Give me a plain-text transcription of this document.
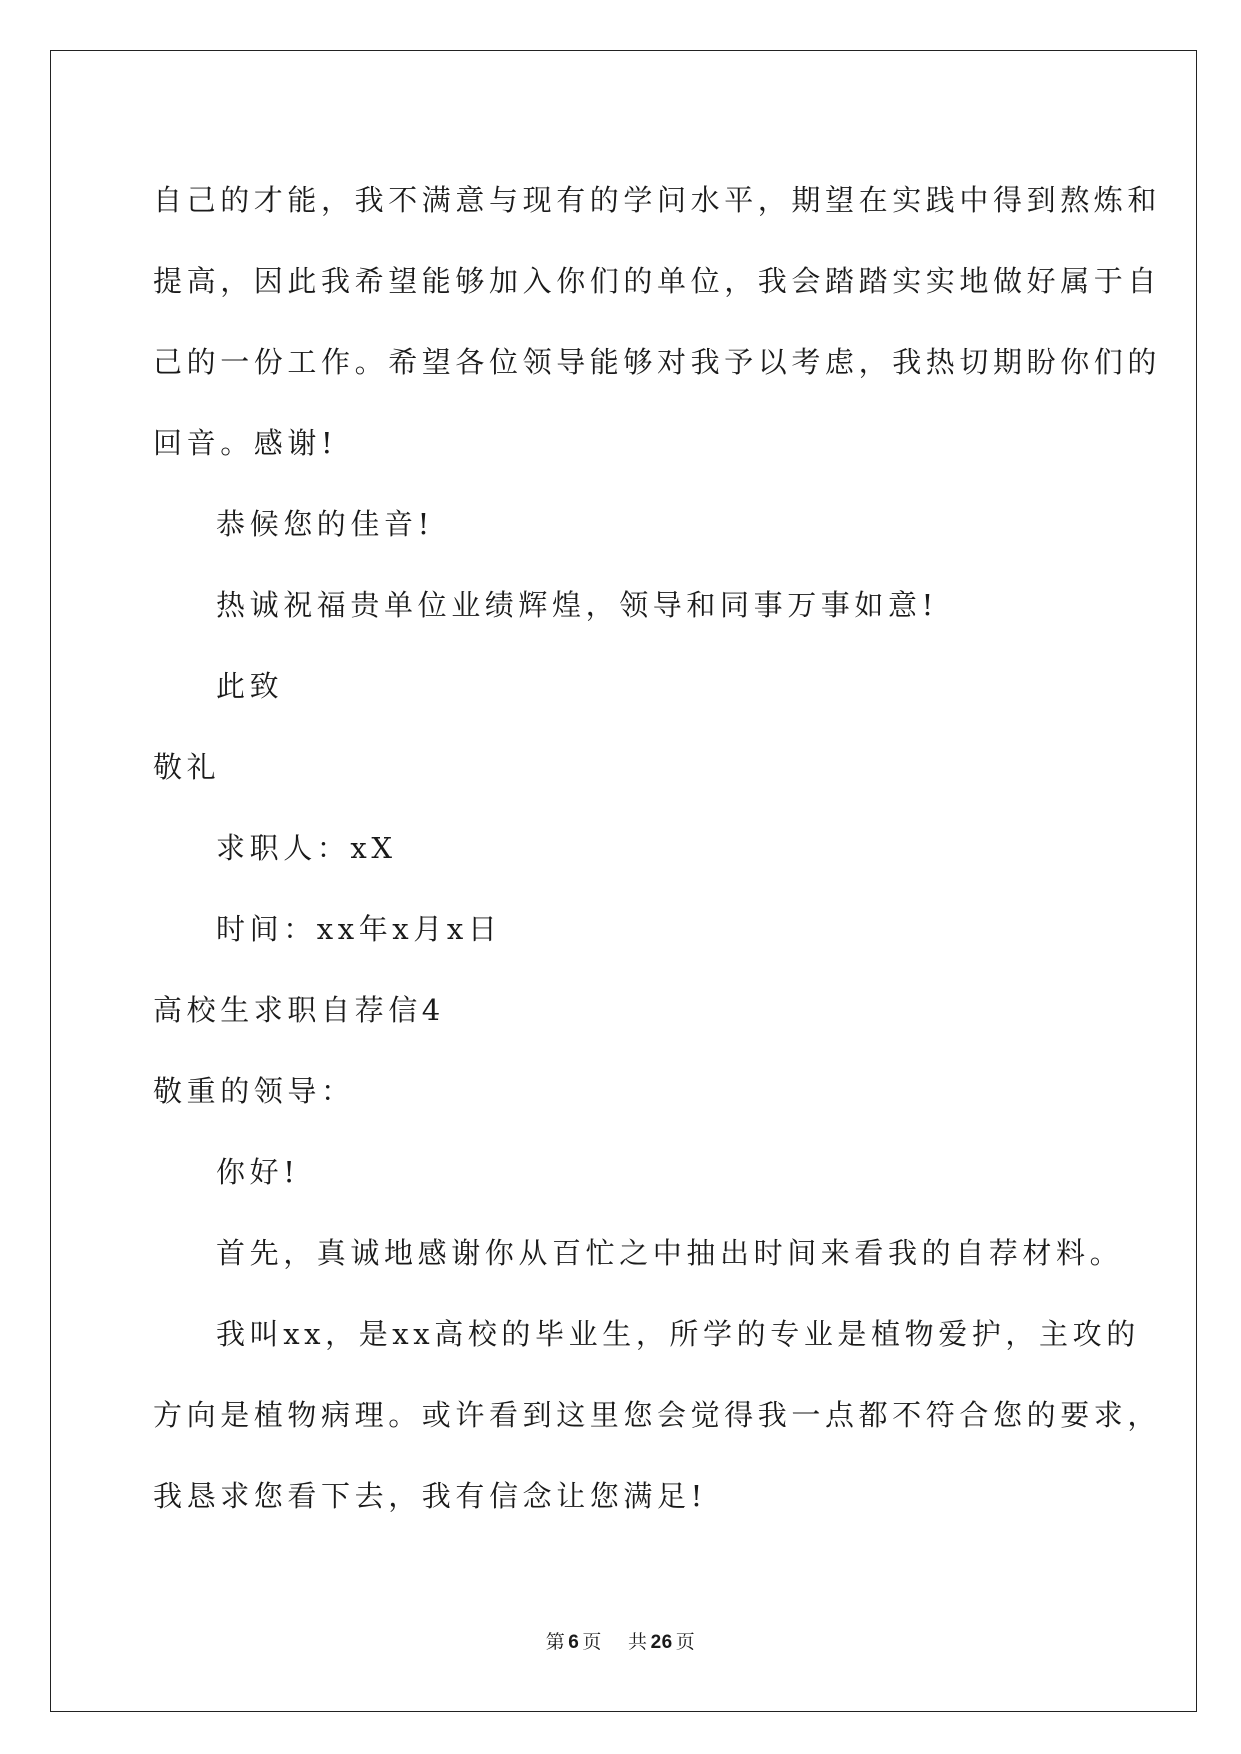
自己的才能，我不满意与现有的学问水平，期望在实践中得到熬炼和
提高，因此我希望能够加入你们的单位，我会踏踏实实地做好属于自
己的一份工作。希望各位领导能够对我予以考虑，我热切期盼你们的
回音。感谢!
恭候您的佳音!
热诚祝福贵单位业绩辉煌，领导和同事万事如意!
此致
敬礼
求职人：xX
时间：xx年x月x日
高校生求职自荐信4
敬重的领导：
你好!
首先，真诚地感谢你从百忙之中抽出时间来看我的自荐材料。
我叫xx，是xx高校的毕业生，所学的专业是植物爱护，主攻的
方向是植物病理。或许看到这里您会觉得我一点都不符合您的要求，
我恳求您看下去，我有信念让您满足!
第 6 页 共 26 页
